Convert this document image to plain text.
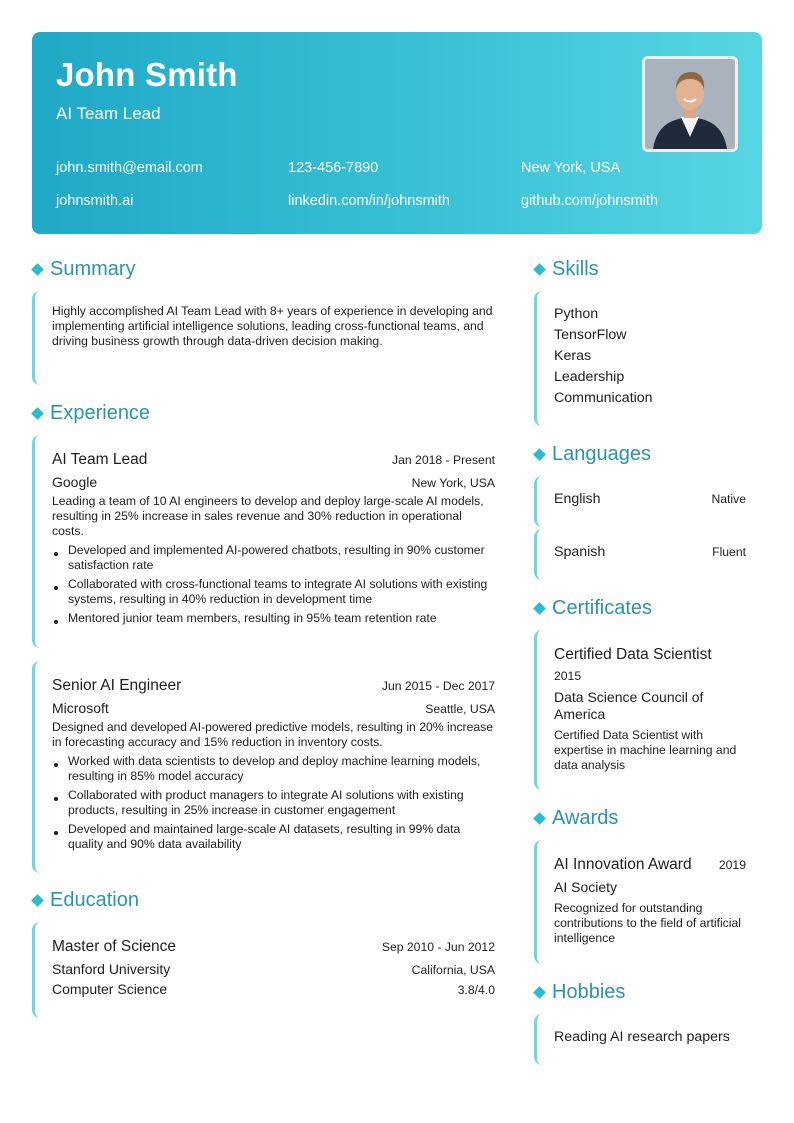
John Smith
AI Team Lead
john.smith@email.com	123-456-7890	New York, USA
johnsmith.ai	linkedin.com/in/johnsmith	github.com/johnsmith
Summary
Highly accomplished AI Team Lead with 8+ years of experience in developing and implementing artificial intelligence solutions, leading cross-functional teams, and driving business growth through data-driven decision making.
Experience
AI Team Lead	Jan 2018 - Present
Google	New York, USA
Leading a team of 10 AI engineers to develop and deploy large-scale AI models, resulting in 25% increase in sales revenue and 30% reduction in operational costs.
Developed and implemented AI-powered chatbots, resulting in 90% customer satisfaction rate
Collaborated with cross-functional teams to integrate AI solutions with existing systems, resulting in 40% reduction in development time
Mentored junior team members, resulting in 95% team retention rate
Senior AI Engineer	Jun 2015 - Dec 2017
Microsoft	Seattle, USA
Designed and developed AI-powered predictive models, resulting in 20% increase in forecasting accuracy and 15% reduction in inventory costs.
Worked with data scientists to develop and deploy machine learning models, resulting in 85% model accuracy
Collaborated with product managers to integrate AI solutions with existing products, resulting in 25% increase in customer engagement
Developed and maintained large-scale AI datasets, resulting in 99% data quality and 90% data availability
Education
Master of Science	Sep 2010 - Jun 2012
Stanford University	California, USA
Computer Science	3.8/4.0
Skills
Python
TensorFlow
Keras
Leadership
Communication
Languages
English	Native
Spanish	Fluent
Certificates
Certified Data Scientist
2015
Data Science Council of America
Certified Data Scientist with expertise in machine learning and data analysis
Awards
AI Innovation Award 2019
AI Society
Recognized for outstanding contributions to the field of artificial intelligence
Hobbies
Reading AI research papers
